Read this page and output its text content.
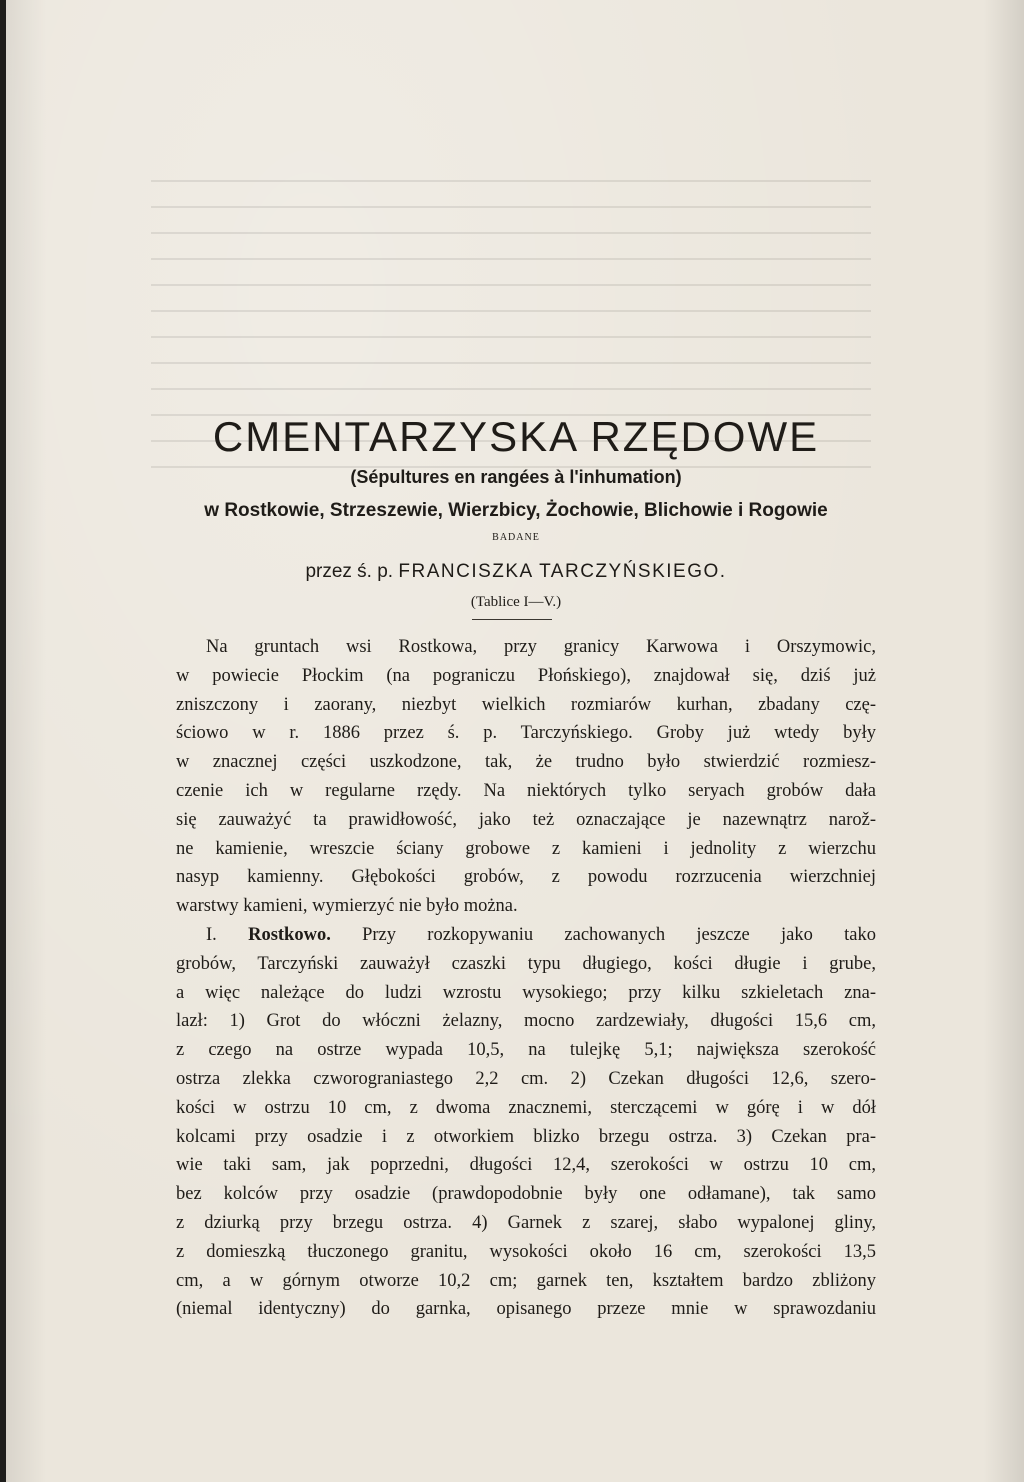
CMENTARZYSKA RZĘDOWE
(Sépultures en rangées à l'inhumation)
w Rostkowie, Strzeszewie, Wierzbicy, Żochowie, Blichowie i Rogowie
BADANE
przez ś. p. FRANCISZKA TARCZYŃSKIEGO.
(Tablice I—V.)
Na gruntach wsi Rostkowa, przy granicy Karwowa i Orszymowic,
w powiecie Płockim (na pograniczu Płońskiego), znajdował się, dziś już
zniszczony i zaorany, niezbyt wielkich rozmiarów kurhan, zbadany czę-
ściowo w r. 1886 przez ś. p. Tarczyńskiego. Groby już wtedy były
w znacznej części uszkodzone, tak, że trudno było stwierdzić rozmiesz-
czenie ich w regularne rzędy. Na niektórych tylko seryach grobów dała
się zauważyć ta prawidłowość, jako też oznaczające je nazewnątrz narož-
ne kamienie, wreszcie ściany grobowe z kamieni i jednolity z wierzchu
nasyp kamienny. Głębokości grobów, z powodu rozrzucenia wierzchniej
warstwy kamieni, wymierzyć nie było można.
I. Rostkowo. Przy rozkopywaniu zachowanych jeszcze jako tako
grobów, Tarczyński zauważył czaszki typu długiego, kości długie i grube,
a więc należące do ludzi wzrostu wysokiego; przy kilku szkieletach zna-
lazł: 1) Grot do włóczni żelazny, mocno zardzewiały, długości 15,6 cm,
z czego na ostrze wypada 10,5, na tulejkę 5,1; największa szerokość
ostrza zlekka czworograniastego 2,2 cm. 2) Czekan długości 12,6, szero-
kości w ostrzu 10 cm, z dwoma znacznemi, sterczącemi w górę i w dół
kolcami przy osadzie i z otworkiem blizko brzegu ostrza. 3) Czekan pra-
wie taki sam, jak poprzedni, długości 12,4, szerokości w ostrzu 10 cm,
bez kolców przy osadzie (prawdopodobnie były one odłamane), tak samo
z dziurką przy brzegu ostrza. 4) Garnek z szarej, słabo wypalonej gliny,
z domieszką tłuczonego granitu, wysokości około 16 cm, szerokości 13,5
cm, a w górnym otworze 10,2 cm; garnek ten, kształtem bardzo zbliżony
(niemal identyczny) do garnka, opisanego przeze mnie w sprawozdaniu
